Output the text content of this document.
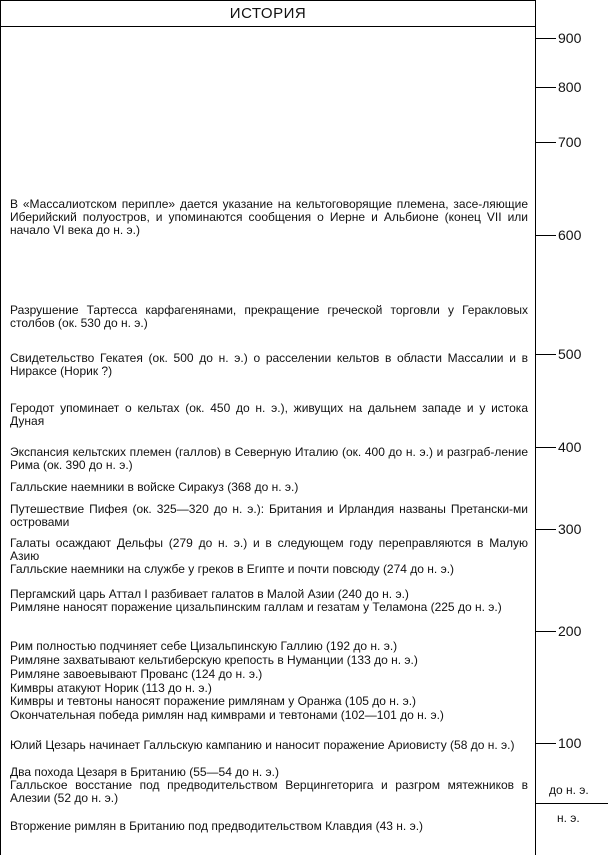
ИСТОРИЯ
В «Массалиотском перипле» дается указание на кельтоговорящие племена, засе-ляющие Иберийский полуостров, и упоминаются сообщения о Иерне и Альбионе (конец VII или начало VI века до н. э.)
Разрушение Тартесса карфагенянами, прекращение греческой торговли у Геракловых столбов (ок. 530 до н. э.)
Свидетельство Гекатея (ок. 500 до н. э.) о расселении кельтов в области Массалии и в Нираксе (Норик ?)
Геродот упоминает о кельтах (ок. 450 до н. э.), живущих на дальнем западе и у истока Дуная
Экспансия кельтских племен (галлов) в Северную Италию (ок. 400 до н. э.) и разграб-ление Рима (ок. 390 до н. э.)
Галльские наемники в войске Сиракуз (368 до н. э.)
Путешествие Пифея (ок. 325—320 до н. э.): Британия и Ирландия названы Претански-ми островами
Галаты осаждают Дельфы (279 до н. э.) и в следующем году переправляются в Малую Азию
Галльские наемники на службе у греков в Египте и почти повсюду (274 до н. э.)
Пергамский царь Аттал I разбивает галатов в Малой Азии (240 до н. э.)
Римляне наносят поражение цизальпинским галлам и гезатам у Теламона (225 до н. э.)
Рим полностью подчиняет себе Цизальпинскую Галлию (192 до н. э.)
Римляне захватывают кельтиберскую крепость в Нуманции (133 до н. э.)
Римляне завоевывают Прованс (124 до н. э.)
Кимвры атакуют Норик (113 до н. э.)
Кимвры и тевтоны наносят поражение римлянам у Оранжа (105 до н. э.)
Окончательная победа римлян над кимврами и тевтонами (102—101 до н. э.)
Юлий Цезарь начинает Галльскую кампанию и наносит поражение Ариовисту (58 до н. э.)
Два похода Цезаря в Британию (55—54 до н. э.)
Галльское восстание под предводительством Верцингеторига и разгром мятежников в Алезии (52 до н. э.)
Вторжение римлян в Британию под предводительством Клавдия (43 н. э.)
900
800
700
600
500
400
300
200
100
до н. э.
н. э.
